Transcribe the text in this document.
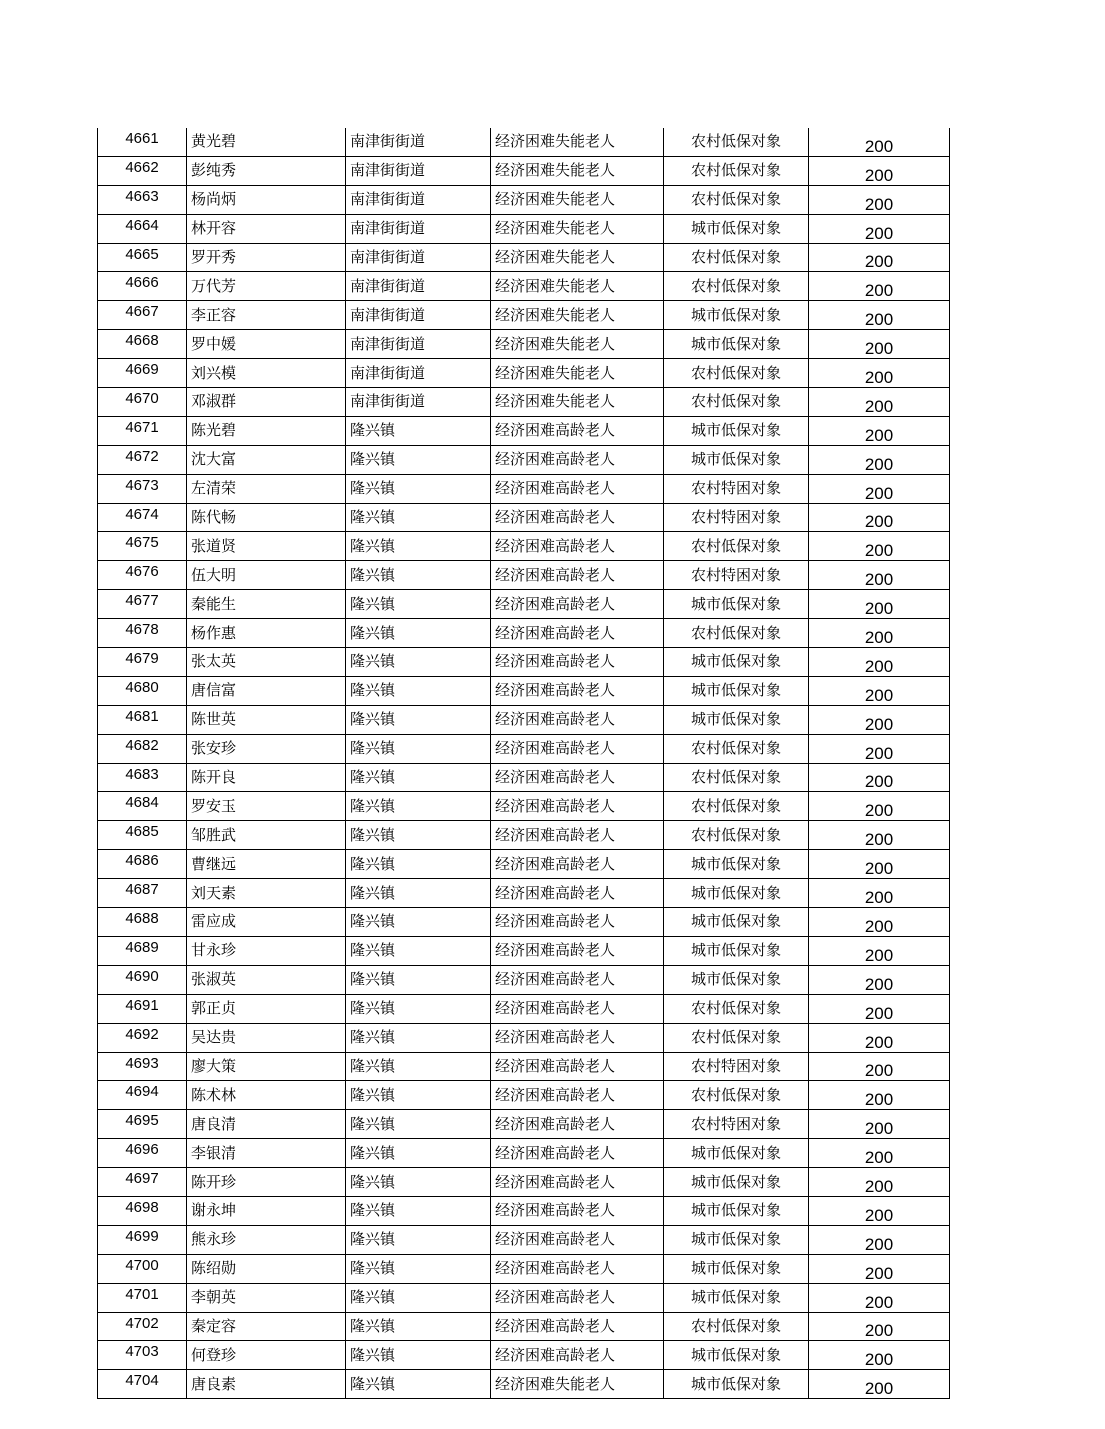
4661	黄光碧	南津街街道	经济困难失能老人	农村低保对象	200
4662	彭纯秀	南津街街道	经济困难失能老人	农村低保对象	200
4663	杨尚炳	南津街街道	经济困难失能老人	农村低保对象	200
4664	林开容	南津街街道	经济困难失能老人	城市低保对象	200
4665	罗开秀	南津街街道	经济困难失能老人	农村低保对象	200
4666	万代芳	南津街街道	经济困难失能老人	农村低保对象	200
4667	李正容	南津街街道	经济困难失能老人	城市低保对象	200
4668	罗中媛	南津街街道	经济困难失能老人	城市低保对象	200
4669	刘兴模	南津街街道	经济困难失能老人	农村低保对象	200
4670	邓淑群	南津街街道	经济困难失能老人	农村低保对象	200
4671	陈光碧	隆兴镇	经济困难高龄老人	城市低保对象	200
4672	沈大富	隆兴镇	经济困难高龄老人	城市低保对象	200
4673	左清荣	隆兴镇	经济困难高龄老人	农村特困对象	200
4674	陈代畅	隆兴镇	经济困难高龄老人	农村特困对象	200
4675	张道贤	隆兴镇	经济困难高龄老人	农村低保对象	200
4676	伍大明	隆兴镇	经济困难高龄老人	农村特困对象	200
4677	秦能生	隆兴镇	经济困难高龄老人	城市低保对象	200
4678	杨作惠	隆兴镇	经济困难高龄老人	农村低保对象	200
4679	张太英	隆兴镇	经济困难高龄老人	城市低保对象	200
4680	唐信富	隆兴镇	经济困难高龄老人	城市低保对象	200
4681	陈世英	隆兴镇	经济困难高龄老人	城市低保对象	200
4682	张安珍	隆兴镇	经济困难高龄老人	农村低保对象	200
4683	陈开良	隆兴镇	经济困难高龄老人	农村低保对象	200
4684	罗安玉	隆兴镇	经济困难高龄老人	农村低保对象	200
4685	邹胜武	隆兴镇	经济困难高龄老人	农村低保对象	200
4686	曹继远	隆兴镇	经济困难高龄老人	城市低保对象	200
4687	刘天素	隆兴镇	经济困难高龄老人	城市低保对象	200
4688	雷应成	隆兴镇	经济困难高龄老人	城市低保对象	200
4689	甘永珍	隆兴镇	经济困难高龄老人	城市低保对象	200
4690	张淑英	隆兴镇	经济困难高龄老人	城市低保对象	200
4691	郭正贞	隆兴镇	经济困难高龄老人	农村低保对象	200
4692	吴达贵	隆兴镇	经济困难高龄老人	农村低保对象	200
4693	廖大策	隆兴镇	经济困难高龄老人	农村特困对象	200
4694	陈术林	隆兴镇	经济困难高龄老人	农村低保对象	200
4695	唐良清	隆兴镇	经济困难高龄老人	农村特困对象	200
4696	李银清	隆兴镇	经济困难高龄老人	城市低保对象	200
4697	陈开珍	隆兴镇	经济困难高龄老人	城市低保对象	200
4698	谢永坤	隆兴镇	经济困难高龄老人	城市低保对象	200
4699	熊永珍	隆兴镇	经济困难高龄老人	城市低保对象	200
4700	陈绍勋	隆兴镇	经济困难高龄老人	城市低保对象	200
4701	李朝英	隆兴镇	经济困难高龄老人	城市低保对象	200
4702	秦定容	隆兴镇	经济困难高龄老人	农村低保对象	200
4703	何登珍	隆兴镇	经济困难高龄老人	城市低保对象	200
4704	唐良素	隆兴镇	经济困难失能老人	城市低保对象	200
